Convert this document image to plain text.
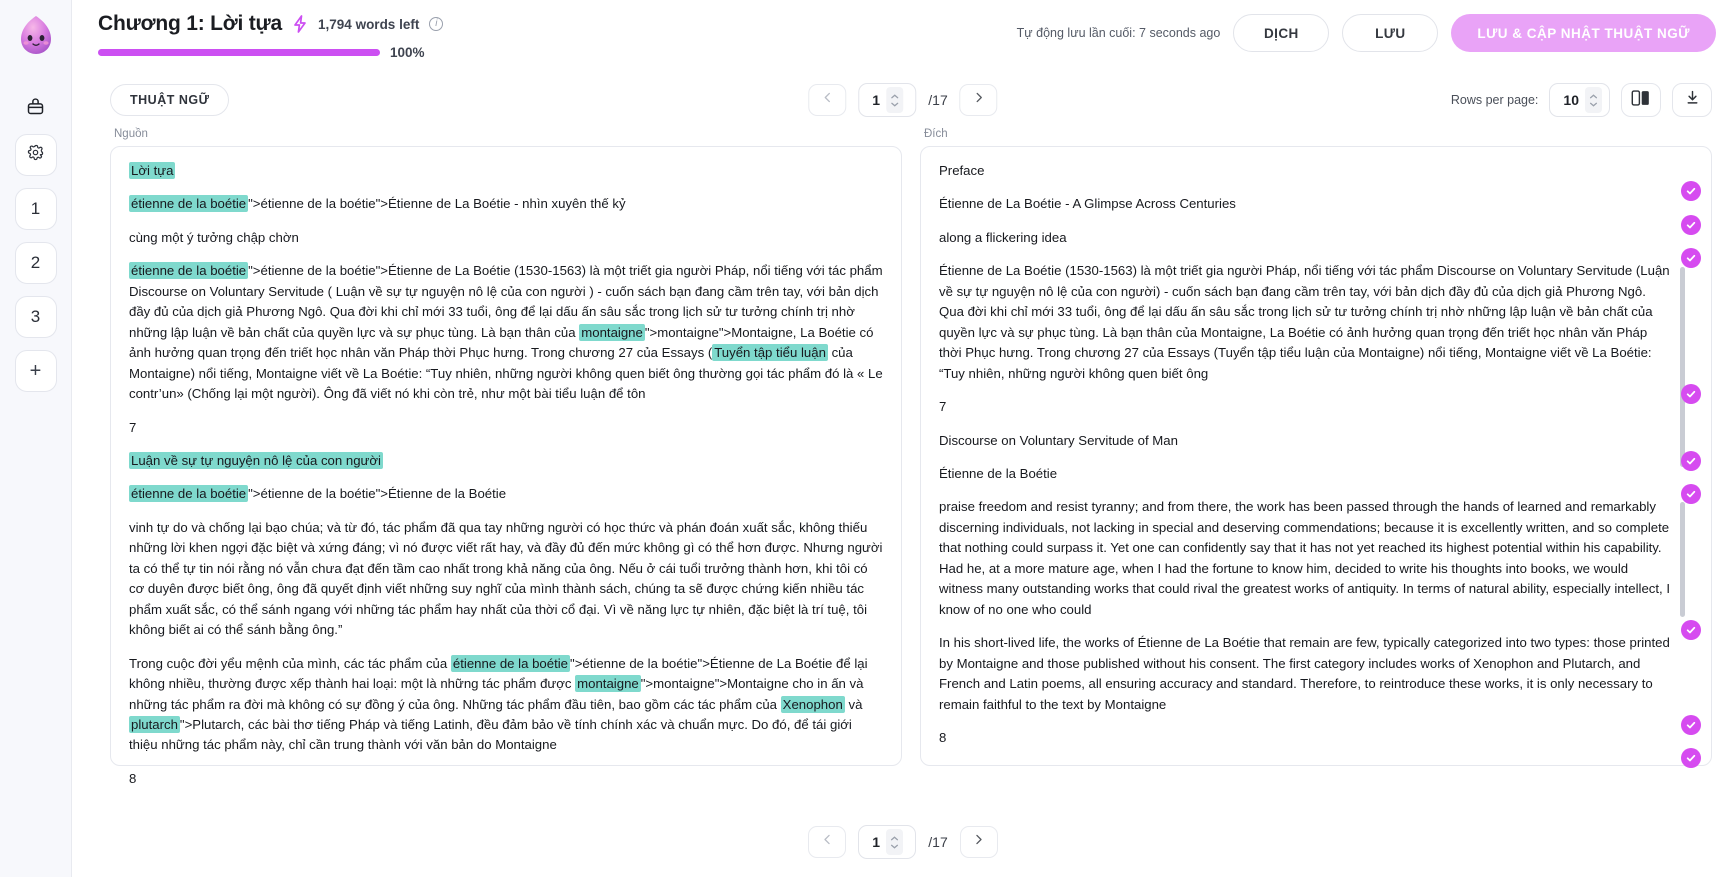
1
2
3
+
Chương 1: Lời tựa	1,794 words left	i
100%
Tự động lưu lần cuối: 7 seconds ago	DỊCH	LƯU	LƯU & CẬP NHẬT THUẬT NGỮ
THUẬT NGỮ	1	/17	Rows per page: 10
Nguồn

Lời tựa

étienne de la boétie ">étienne de la boétie">Étienne de La Boétie - nhìn xuyên thế kỷ

cùng một ý tưởng chập chờn

étienne de la boétie ">étienne de la boétie">Étienne de La Boétie (1530-1563) là một triết gia người Pháp, nổi tiếng với tác phẩm Discourse on Voluntary Servitude ( Luận về sự tự nguyện nô lệ của con người ) - cuốn sách bạn đang cầm trên tay, với bản dịch đầy đủ của dịch giả Phương Ngô. Qua đời khi chỉ mới 33 tuổi, ông để lại dấu ấn sâu sắc trong lịch sử tư tưởng chính trị nhờ những lập luận về bản chất của quyền lực và sự phục tùng. Là bạn thân của montaigne ">montaigne">Montaigne, La Boétie có ảnh hưởng quan trọng đến triết học nhân văn Pháp thời Phục hưng. Trong chương 27 của Essays ( Tuyển tập tiểu luận của Montaigne) nổi tiếng, Montaigne viết về La Boétie: “Tuy nhiên, những người không quen biết ông thường gọi tác phẩm đó là « Le contr’un» (Chống lại một người). Ông đã viết nó khi còn trẻ, như một bài tiểu luận để tôn

7

Luận về sự tự nguyện nô lệ của con người

étienne de la boétie ">étienne de la boétie">Étienne de la Boétie

vinh tự do và chống lại bạo chúa; và từ đó, tác phẩm đã qua tay những người có học thức và phán đoán xuất sắc, không thiếu những lời khen ngợi đặc biệt và xứng đáng; vì nó được viết rất hay, và đầy đủ đến mức không gì có thể hơn được. Nhưng người ta có thể tự tin nói rằng nó vẫn chưa đạt đến tầm cao nhất trong khả năng của ông. Nếu ở cái tuổi trưởng thành hơn, khi tôi có cơ duyên được biết ông, ông đã quyết định viết những suy nghĩ của mình thành sách, chúng ta sẽ được chứng kiến nhiều tác phẩm xuất sắc, có thể sánh ngang với những tác phẩm hay nhất của thời cổ đại. Vì về năng lực tự nhiên, đặc biệt là trí tuệ, tôi không biết ai có thể sánh bằng ông.”

Trong cuộc đời yểu mệnh của mình, các tác phẩm của étienne de la boétie ">étienne de la boétie">Étienne de La Boétie để lại không nhiều, thường được xếp thành hai loại: một là những tác phẩm được montaigne ">montaigne">Montaigne cho in ấn và những tác phẩm ra đời mà không có sự đồng ý của ông. Những tác phẩm đầu tiên, bao gồm các tác phẩm của Xenophon và plutarch ">Plutarch, các bài thơ tiếng Pháp và tiếng Latinh, đều đảm bảo về tính chính xác và chuẩn mực. Do đó, để tái giới thiệu những tác phẩm này, chỉ cần trung thành với văn bản do Montaigne

8

Đích

Preface

Étienne de La Boétie - A Glimpse Across Centuries

along a flickering idea

Étienne de La Boétie (1530-1563) là một triết gia người Pháp, nổi tiếng với tác phẩm Discourse on Voluntary Servitude (Luận về sự tự nguyện nô lệ của con người) - cuốn sách bạn đang cầm trên tay, với bản dịch đầy đủ của dịch giả Phương Ngô. Qua đời khi chỉ mới 33 tuổi, ông để lại dấu ấn sâu sắc trong lịch sử tư tưởng chính trị nhờ những lập luận về bản chất của quyền lực và sự phục tùng. Là bạn thân của Montaigne, La Boétie có ảnh hưởng quan trọng đến triết học nhân văn Pháp thời Phục hưng. Trong chương 27 của Essays (Tuyển tập tiểu luận của Montaigne) nổi tiếng, Montaigne viết về La Boétie: “Tuy nhiên, những người không quen biết ông

7

Discourse on Voluntary Servitude of Man

Étienne de la Boétie

praise freedom and resist tyranny; and from there, the work has been passed through the hands of learned and remarkably discerning individuals, not lacking in special and deserving commendations; because it is excellently written, and so complete that nothing could surpass it. Yet one can confidently say that it has not yet reached its highest potential within his capability. Had he, at a more mature age, when I had the fortune to know him, decided to write his thoughts into books, we would witness many outstanding works that could rival the greatest works of antiquity. In terms of natural ability, especially intellect, I know of no one who could

In his short-lived life, the works of Étienne de La Boétie that remain are few, typically categorized into two types: those printed by Montaigne and those published without his consent. The first category includes works of Xenophon and Plutarch, and French and Latin poems, all ensuring accuracy and standard. Therefore, to reintroduce these works, it is only necessary to remain faithful to the text by Montaigne

8

1	/17
